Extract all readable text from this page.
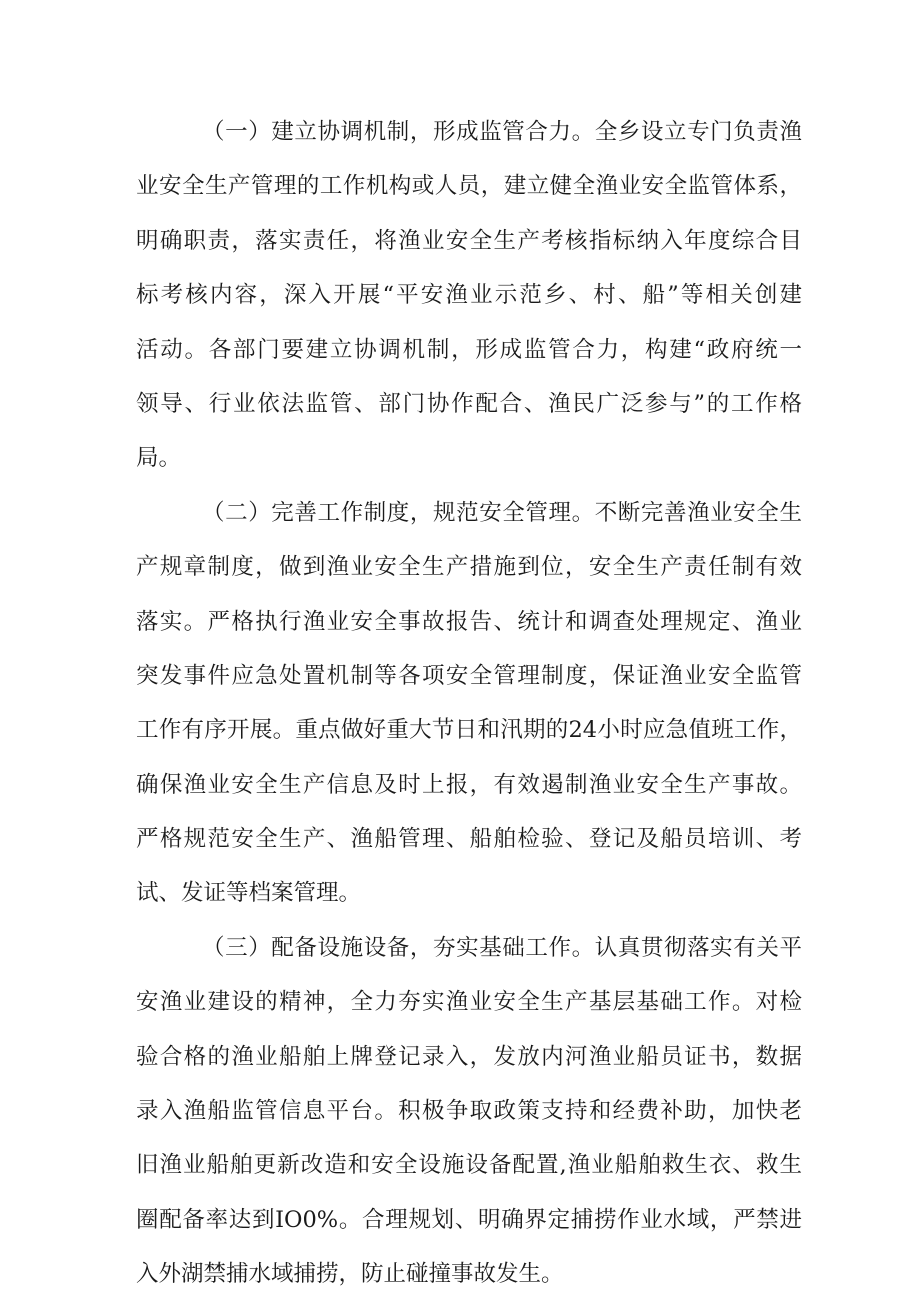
（一）建立协调机制，形成监管合力。全乡设立专门负责渔
业安全生产管理的工作机构或人员，建立健全渔业安全监管体系，
明确职责，落实责任，将渔业安全生产考核指标纳入年度综合目
标考核内容，深入开展“平安渔业示范乡、村、船”等相关创建
活动。各部门要建立协调机制，形成监管合力，构建“政府统一
领导、行业依法监管、部门协作配合、渔民广泛参与”的工作格
局。
（二）完善工作制度，规范安全管理。不断完善渔业安全生
产规章制度，做到渔业安全生产措施到位，安全生产责任制有效
落实。严格执行渔业安全事故报告、统计和调查处理规定、渔业
突发事件应急处置机制等各项安全管理制度，保证渔业安全监管
工作有序开展。重点做好重大节日和汛期的24小时应急值班工作，
确保渔业安全生产信息及时上报，有效遏制渔业安全生产事故。
严格规范安全生产、渔船管理、船舶检验、登记及船员培训、考
试、发证等档案管理。
（三）配备设施设备，夯实基础工作。认真贯彻落实有关平
安渔业建设的精神，全力夯实渔业安全生产基层基础工作。对检
验合格的渔业船舶上牌登记录入，发放内河渔业船员证书，数据
录入渔船监管信息平台。积极争取政策支持和经费补助，加快老
旧渔业船舶更新改造和安全设施设备配置,渔业船舶救生衣、救生
圈配备率达到IO0%。合理规划、明确界定捕捞作业水域，严禁进
入外湖禁捕水域捕捞，防止碰撞事故发生。
